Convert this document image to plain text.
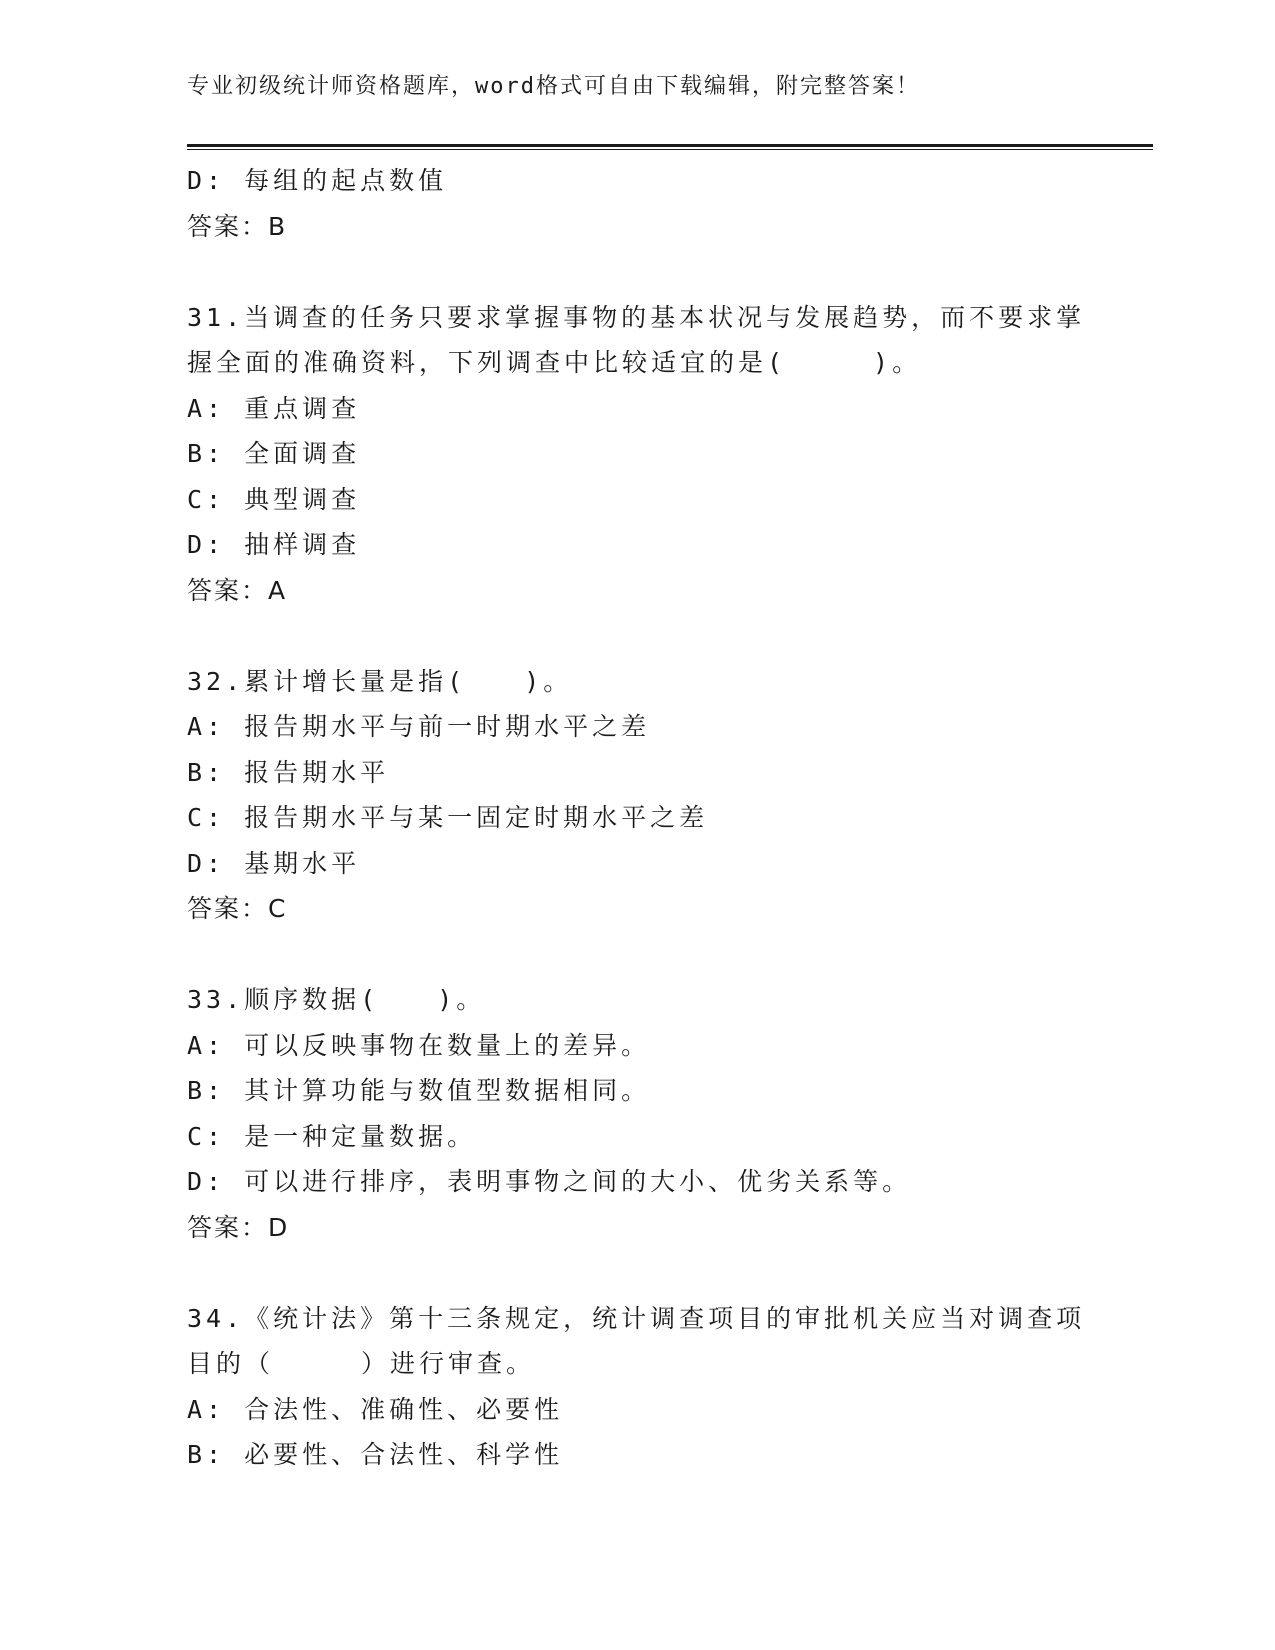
专业初级统计师资格题库，word格式可自由下载编辑，附完整答案！
D: 每组的起点数值
答案：B
31.当调查的任务只要求掌握事物的基本状况与发展趋势，而不要求掌
握全面的准确资料，下列调查中比较适宜的是(　　　)。
A: 重点调查
B: 全面调查
C: 典型调查
D: 抽样调查
答案：A
32.累计增长量是指(　　)。
A: 报告期水平与前一时期水平之差
B: 报告期水平
C: 报告期水平与某一固定时期水平之差
D: 基期水平
答案：C
33.顺序数据(　　)。
A: 可以反映事物在数量上的差异。
B: 其计算功能与数值型数据相同。
C: 是一种定量数据。
D: 可以进行排序，表明事物之间的大小、优劣关系等。
答案：D
34.《统计法》第十三条规定，统计调查项目的审批机关应当对调查项
目的（　　　）进行审查。
A: 合法性、准确性、必要性
B: 必要性、合法性、科学性
